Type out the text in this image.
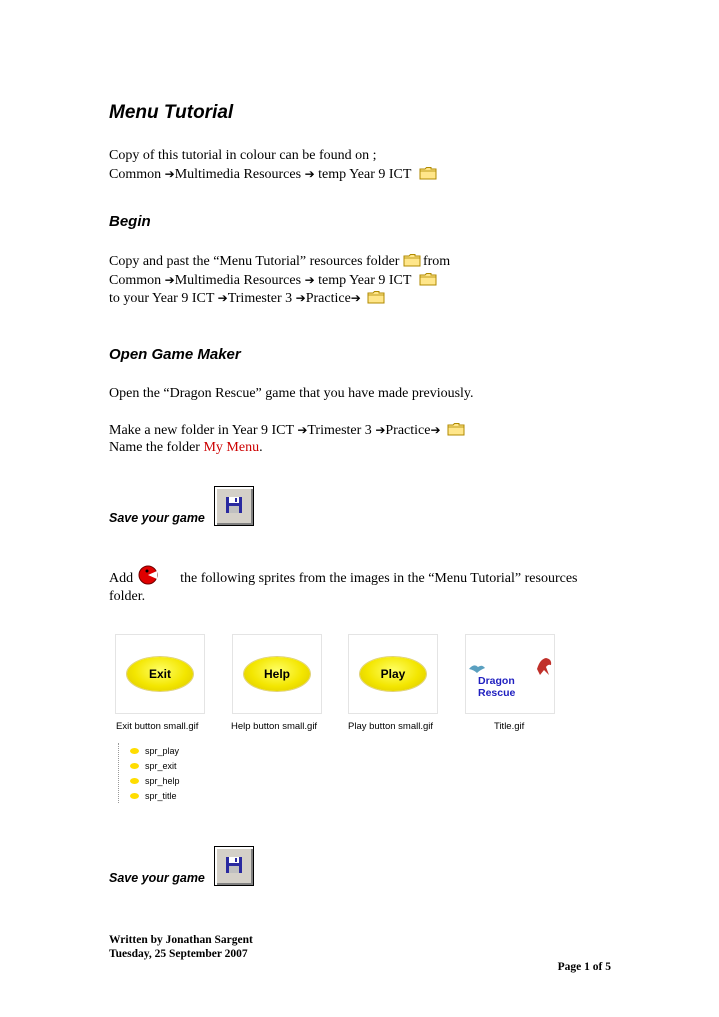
Menu Tutorial
Copy of this tutorial in colour can be found on ;
Common ➔Multimedia Resources ➔ temp Year 9 ICT
Begin
Copy and past the “Menu Tutorial” resources folder from
Common ➔Multimedia Resources ➔ temp Year 9 ICT
to your Year 9 ICT ➔Trimester 3 ➔Practice➔
Open Game Maker
Open the “Dragon Rescue” game that you have made previously.
Make a new folder in Year 9 ICT ➔Trimester 3 ➔Practice➔
Name the folder My Menu.
Save your game
Add	the following sprites from the images in the “Menu Tutorial” resources
folder.
Exit
Exit button small.gif
Help
Help button small.gif
Play
Play button small.gif
Dragon Rescue
Title.gif
spr_play
spr_exit
spr_help
spr_title
Save your game
Written by Jonathan Sargent
Tuesday, 25 September 2007
Page 1 of 5
